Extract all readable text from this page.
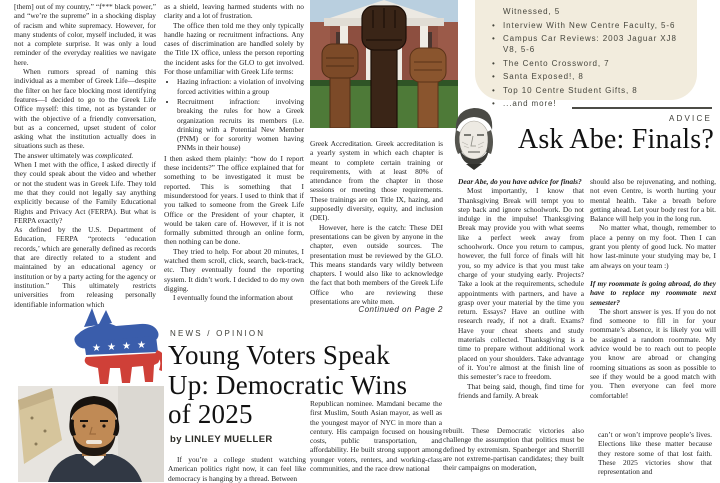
[them] out of my country,” “f*** black power,” and “we’re the supreme” in a shocking display of racism and white supremacy. However, for many students of color, myself included, it was not a complete surprise. It was only a loud reminder of the everyday realities we navigate here.

When rumors spread of naming this individual as a member of Greek Life—despite the filter on her face blocking most identifying features—I decided to go to the Greek Life Office myself: this time, not as bystander or with the objective of a friendly conversation, but as a concerned, upset student of color asking what the institution actually does in situations such as these.

The answer ultimately was complicated.

When I met with the office, I asked directly if they could speak about the video and whether or not the student was in Greek Life. They told me that they could not legally say anything explicitly because of the Family Educational Rights and Privacy Act (FERPA). But what is FERPA exactly?

As defined by the U.S. Department of Education, FERPA “protects ‘education records,’ which are generally defined as records that are directly related to a student and maintained by an educational agency or institution or by a party acting for the agency or institution.” This ultimately restricts universities from releasing personally identifiable information which

as a shield, leaving harmed students with no clarity and a lot of frustration.

The office then told me they only typically handle hazing or recruitment infractions. Any cases of discrimination are handled solely by the Title IX office, unless the person reporting the incident asks for the GLO to get involved. For those unfamiliar with Greek Life terms:

• Hazing infraction: a violation of involving forced activities within a group
• Recruitment infraction: involving breaking the rules for how a Greek organization recruits its members (i.e. drinking with a Potential New Member (PNM) or for sorority women having PNMs in their house)

I then asked them plainly: “how do I report these incidents?” The office explained that for something to be investigated it must be reported. This is something that I misunderstood for years. I used to think that if you talked to someone from the Greek Life Office or the President of your chapter, it would be taken care of. However, if it is not formally submitted through an online form, then nothing can be done.

They tried to help. For about 20 minutes, I watched them scroll, click, search, back-track, etc. They eventually found the reporting system. It didn’t work. I decided to do my own digging.

I eventually found the information about

Greek Accreditation. Greek accreditation is a yearly system in which each chapter is meant to complete certain training or requirements, with at least 80% of attendance from the chapter in those sessions or meeting those requirements. These trainings are on Title IX, hazing, and supposedly diversity, equity, and inclusion (DEI).

However, here is the catch: These DEI presentations can be given by anyone in the chapter, even outside sources. The presentation must be reviewed by the GLO. This means standards vary wildly between chapters. I would also like to acknowledge the fact that both members of the Greek Life Office who are reviewing these presentations are white men.

Continued on Page 2
Witnessed, 5
• Interview With New Centre Faculty, 5-6
• Campus Car Reviews: 2003 Jaguar XJ8 V8, 5-6
• The Cento Crossword, 7
• Santa Exposed!, 8
• Top 10 Centre Student Gifts, 8
• ...and more!
ADVICE
Ask Abe: Finals?

Dear Abe, do you have advice for finals?

Most importantly, I know that Thanksgiving Break will tempt you to step back and ignore schoolwork. Do not indulge in the impulse! Thanksgiving Break may provide you with what seems like a perfect week away from schoolwork. Once you return to campus, however, the full force of finals will hit you, so my advice is that you must take charge of your studying early. Projects? Take a look at the requirements, schedule appointments with partners, and have a grasp over your material by the time you return. Essays? Have an outline with research ready, if not a draft. Exams? Have your cheat sheets and study materials collected. Thanksgiving is a time to prepare without additional work placed on your shoulders. Take advantage of it. You’re almost at the finish line of this semester’s race to freedom.

That being said, though, find time for friends and family. A break

should also be rejuvenating, and nothing, not even Centre, is worth hurting your mental health. Take a breath before getting ahead. Let your body rest for a bit. Balance will help you in the long run.

No matter what, though, remember to place a penny on my foot. Then I can grant you plenty of good luck. No matter how last-minute your studying may be, I am always on your team :)

If my roommate is going abroad, do they have to replace my roommate next semester?

The short answer is yes. If you do not find someone to fill in for your roommate’s absence, it is likely you will be assigned a random roommate. My advice would be to reach out to people you know are abroad or changing rooming situations as soon as possible to see if they would be a good match with you. Then everyone can feel more comfortable!

★ ★ ★ ★
NEWS / OPINION
Young Voters Speak Up: Democratic Wins of 2025
by LINLEY MUELLER

If you’re a college student watching American politics right now, it can feel like democracy is hanging by a thread. Between

Republican nominee. Mamdani became the first Muslim, South Asian mayor, as well as the youngest mayor of NYC in more than a century. His campaign focused on housing costs, public transportation, and affordability. He built strong support among younger voters, renters, and working-class communities, and the race drew national

rebuilt. These Democratic victories also challenge the assumption that politics must be defined by extremism. Spanberger and Sherrill are not extreme-partisan candidates; they built their campaigns on moderation,

can’t or won’t improve people’s lives. Elections like these matter because they restore some of that lost faith. These 2025 victories show that representation and
